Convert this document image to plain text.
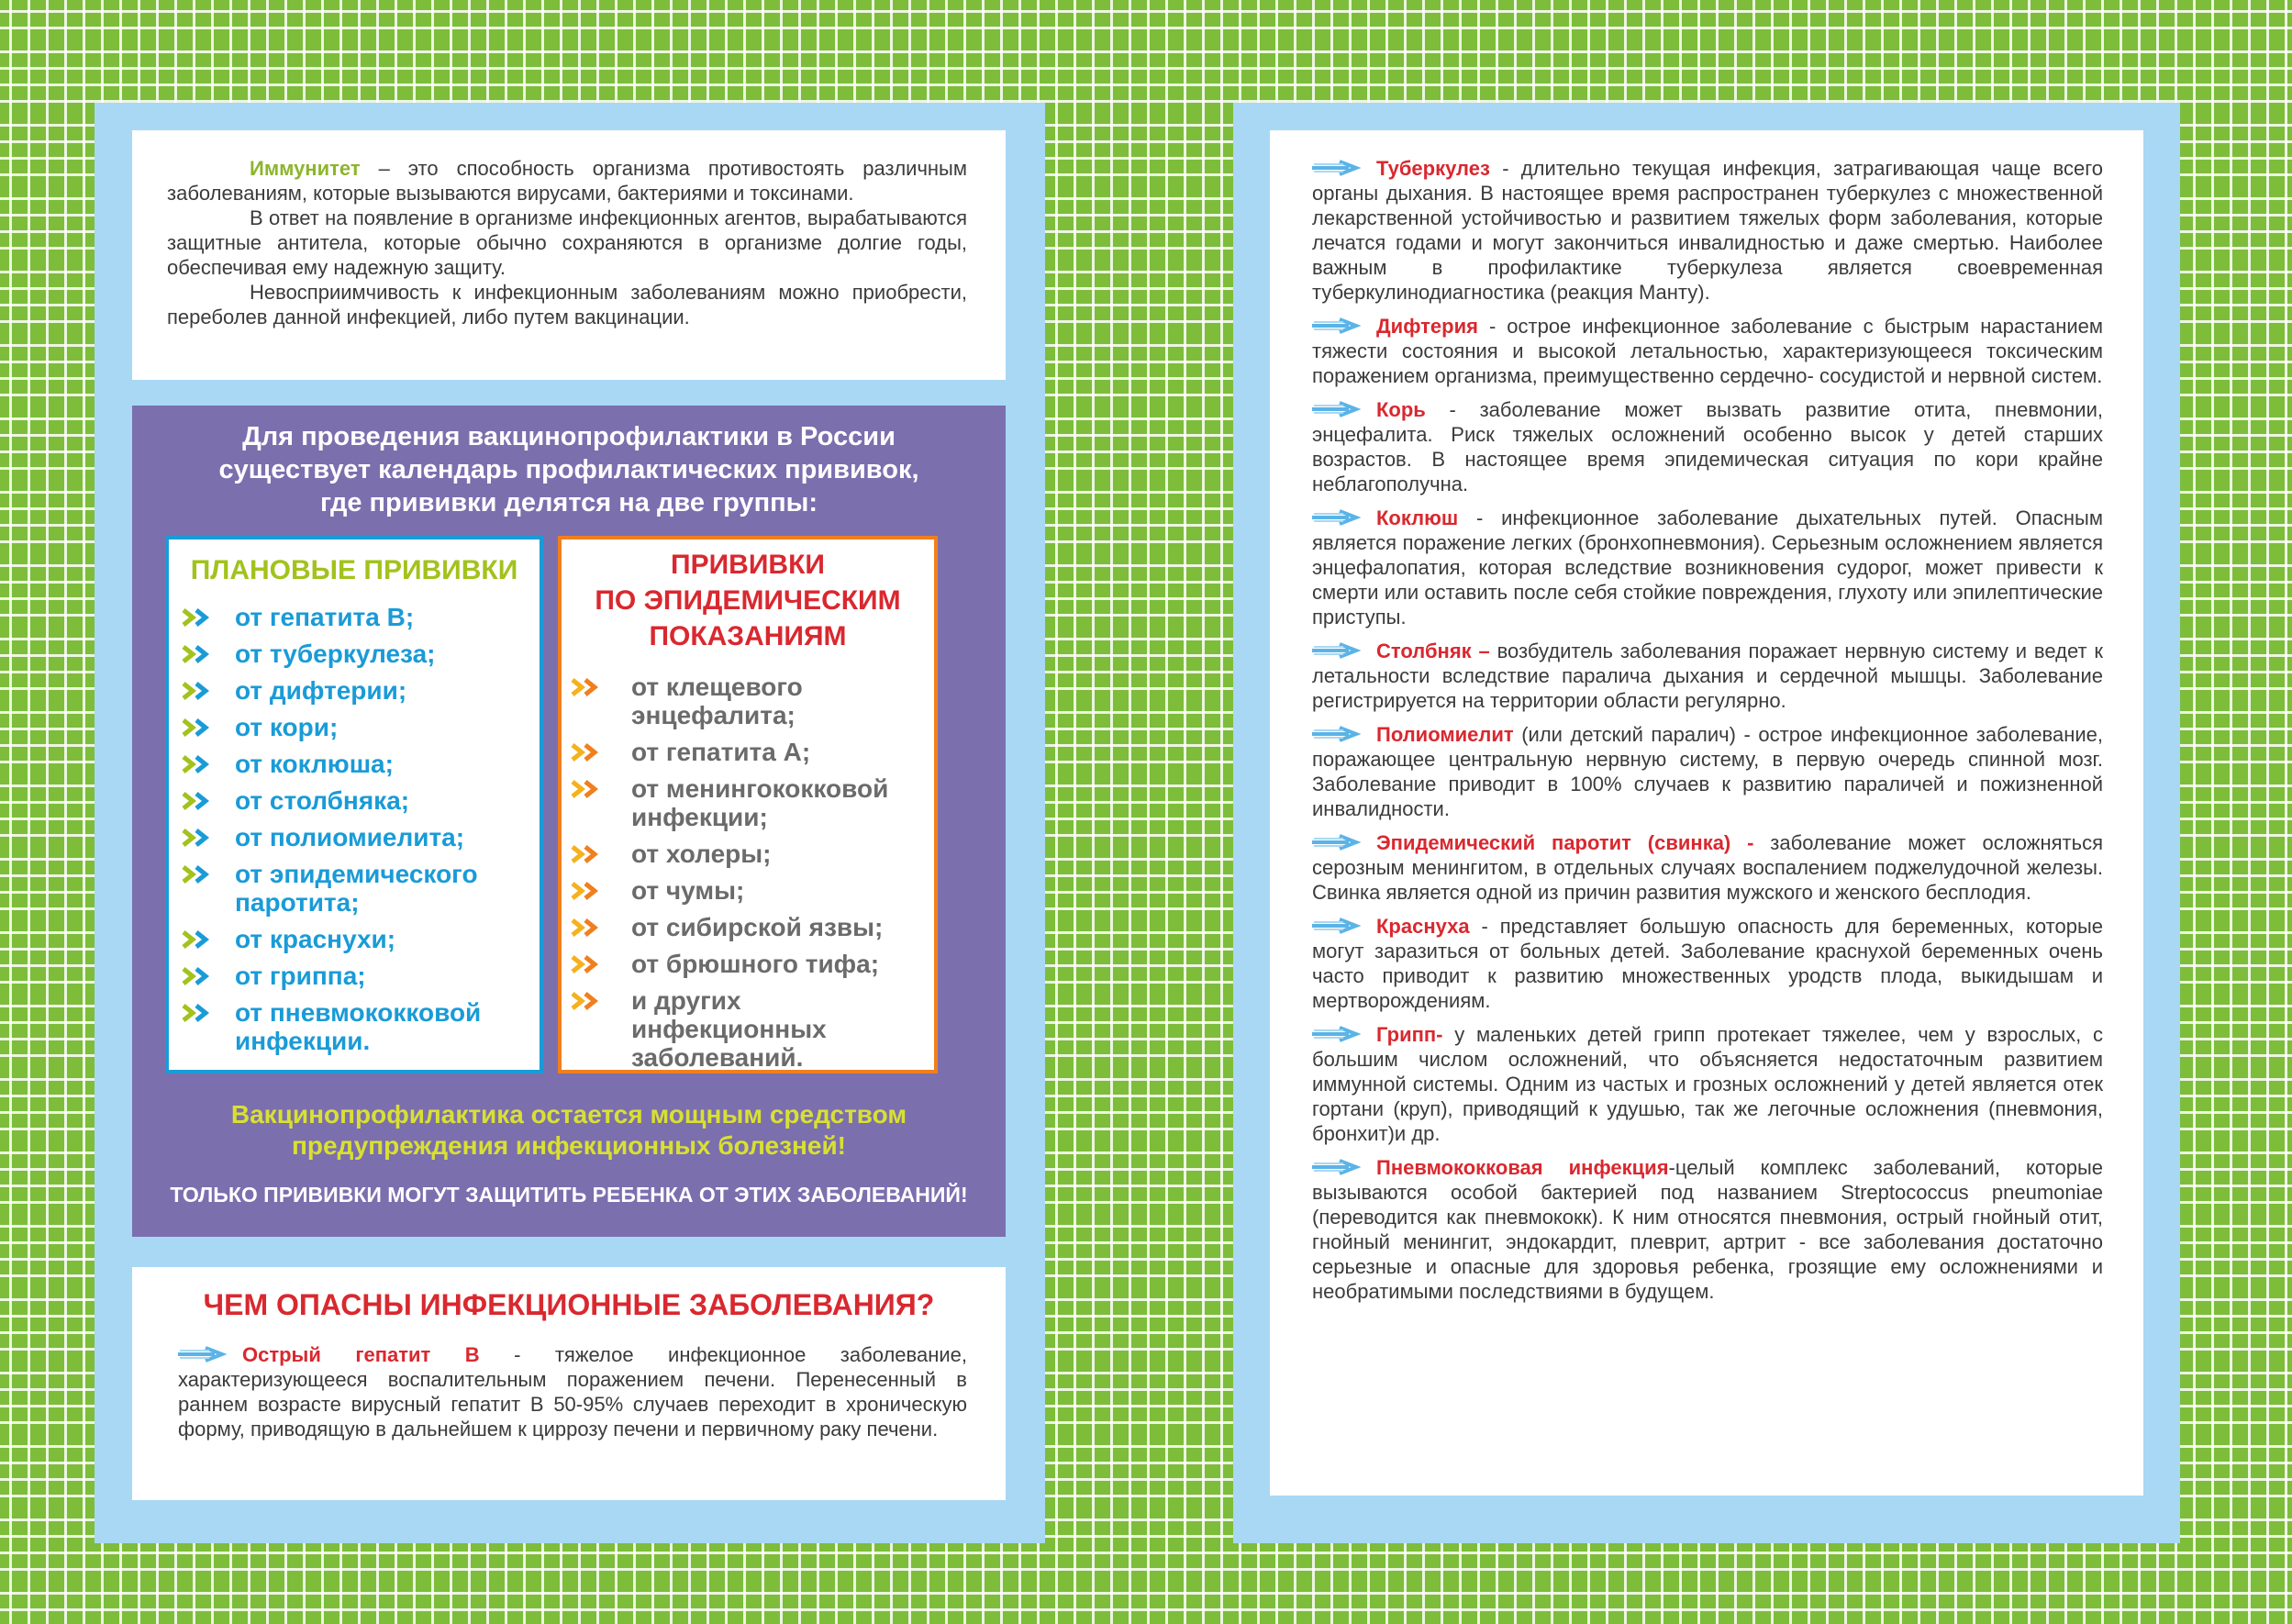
Иммунитет – это способность организма противостоять различным заболеваниям, которые вызываются вирусами, бактериями и токсинами.

В ответ на появление в организме инфекционных агентов, вырабатываются защитные антитела, которые обычно сохраняются в организме долгие годы, обеспечивая ему надежную защиту.

Невосприимчивость к инфекционным заболеваниям можно приобрести, переболев данной инфекцией, либо путем вакцинации.

Для проведения вакцинопрофилактики в России
существует календарь профилактических прививок,
где прививки делятся на две группы:
ПЛАНОВЫЕ ПРИВИВКИ
от гепатита В;
от туберкулеза;
от дифтерии;
от кори;
от коклюша;
от столбняка;
от полиомиелита;
от эпидемического паротита;
от краснухи;
от гриппа;
от пневмококковой инфекции.
ПРИВИВКИ
ПО ЭПИДЕМИЧЕСКИМ
ПОКАЗАНИЯМ
от клещевого энцефалита;
от гепатита А;
от менингококковой инфекции;
от холеры;
от чумы;
от сибирской язвы;
от брюшного тифа;
и других инфекционных заболеваний.
Вакцинопрофилактика остается мощным средством
предупреждения инфекционных болезней!
ТОЛЬКО ПРИВИВКИ МОГУТ ЗАЩИТИТЬ РЕБЕНКА ОТ ЭТИХ ЗАБОЛЕВАНИЙ!
ЧЕМ ОПАСНЫ ИНФЕКЦИОННЫЕ ЗАБОЛЕВАНИЯ?

Острый гепатит В - тяжелое инфекционное заболевание, характеризующееся воспалительным поражением печени. Перенесенный в раннем возрасте вирусный гепатит В 50-95% случаев переходит в хроническую форму, приводящую в дальнейшем к циррозу печени и первичному раку печени.

Туберкулез - длительно текущая инфекция, затрагивающая чаще всего органы дыхания. В настоящее время распространен туберкулез с множественной лекарственной устойчивостью и развитием тяжелых форм заболевания, которые лечатся годами и могут закончиться инвалидностью и даже смертью. Наиболее важным в профилактике туберкулеза является своевременная туберкулинодиагностика (реакция Манту).

Дифтерия - острое инфекционное заболевание с быстрым нарастанием тяжести состояния и высокой летальностью, характеризующееся токсическим поражением организма, преимущественно сердечно- сосудистой и нервной систем.

Корь - заболевание может вызвать развитие отита, пневмонии, энцефалита. Риск тяжелых осложнений особенно высок у детей старших возрастов. В настоящее время эпидемическая ситуация по кори крайне неблагополучна.

Коклюш - инфекционное заболевание дыхательных путей. Опасным является поражение легких (бронхопневмония). Серьезным осложнением является энцефалопатия, которая вследствие возникновения судорог, может привести к смерти или оставить после себя стойкие повреждения, глухоту или эпилептические приступы.

Столбняк – возбудитель заболевания поражает нервную систему и ведет к летальности вследствие паралича дыхания и сердечной мышцы. Заболевание регистрируется на территории области регулярно.

Полиомиелит (или детский паралич) - острое инфекционное заболевание, поражающее центральную нервную систему, в первую очередь спинной мозг. Заболевание приводит в 100% случаев к развитию параличей и пожизненной инвалидности.

Эпидемический паротит (свинка) - заболевание может осложняться серозным менингитом, в отдельных случаях воспалением поджелудочной железы. Свинка является одной из причин развития мужского и женского бесплодия.

Краснуха - представляет большую опасность для беременных, которые могут заразиться от больных детей. Заболевание краснухой беременных очень часто приводит к развитию множественных уродств плода, выкидышам и мертворождениям.

Грипп- у маленьких детей грипп протекает тяжелее, чем у взрослых, с большим числом осложнений, что объясняется недостаточным развитием иммунной системы. Одним из частых и грозных осложнений у детей является отек гортани (круп), приводящий к удушью, так же легочные осложнения (пневмония, бронхит)и др.

Пневмококковая инфекция-целый комплекс заболеваний, которые вызываются особой бактерией под названием Streptococcus pneumoniae (переводится как пневмококк). К ним относятся пневмония, острый гнойный отит, гнойный менингит, эндокардит, плеврит, артрит - все заболевания достаточно серьезные и опасные для здоровья ребенка, грозящие ему осложнениями и необратимыми последствиями в будущем.
